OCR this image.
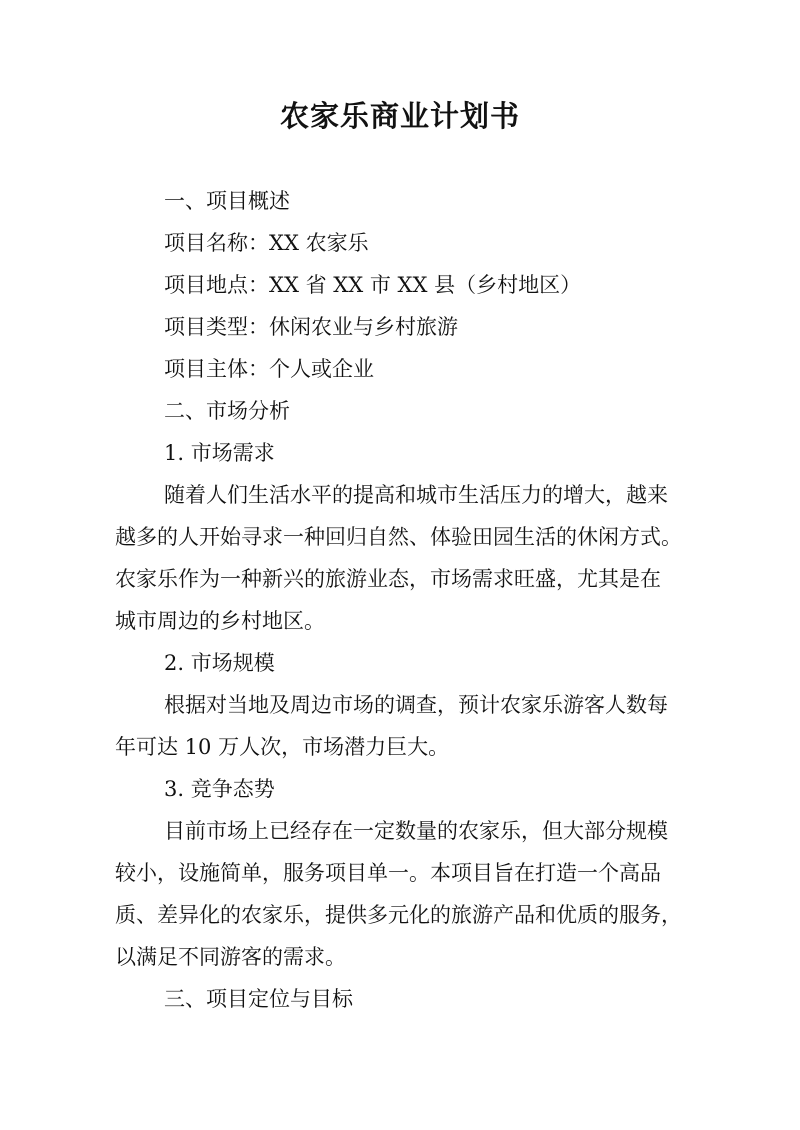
农家乐商业计划书
一、项目概述
项目名称：XX 农家乐
项目地点：XX 省 XX 市 XX 县（乡村地区）
项目类型：休闲农业与乡村旅游
项目主体：个人或企业
二、市场分析
1. 市场需求
随着人们生活水平的提高和城市生活压力的增大，越来
越多的人开始寻求一种回归自然、体验田园生活的休闲方式。
农家乐作为一种新兴的旅游业态，市场需求旺盛，尤其是在
城市周边的乡村地区。
2. 市场规模
根据对当地及周边市场的调查，预计农家乐游客人数每
年可达 10 万人次，市场潜力巨大。
3. 竞争态势
目前市场上已经存在一定数量的农家乐，但大部分规模
较小，设施简单，服务项目单一。本项目旨在打造一个高品
质、差异化的农家乐，提供多元化的旅游产品和优质的服务，
以满足不同游客的需求。
三、项目定位与目标
